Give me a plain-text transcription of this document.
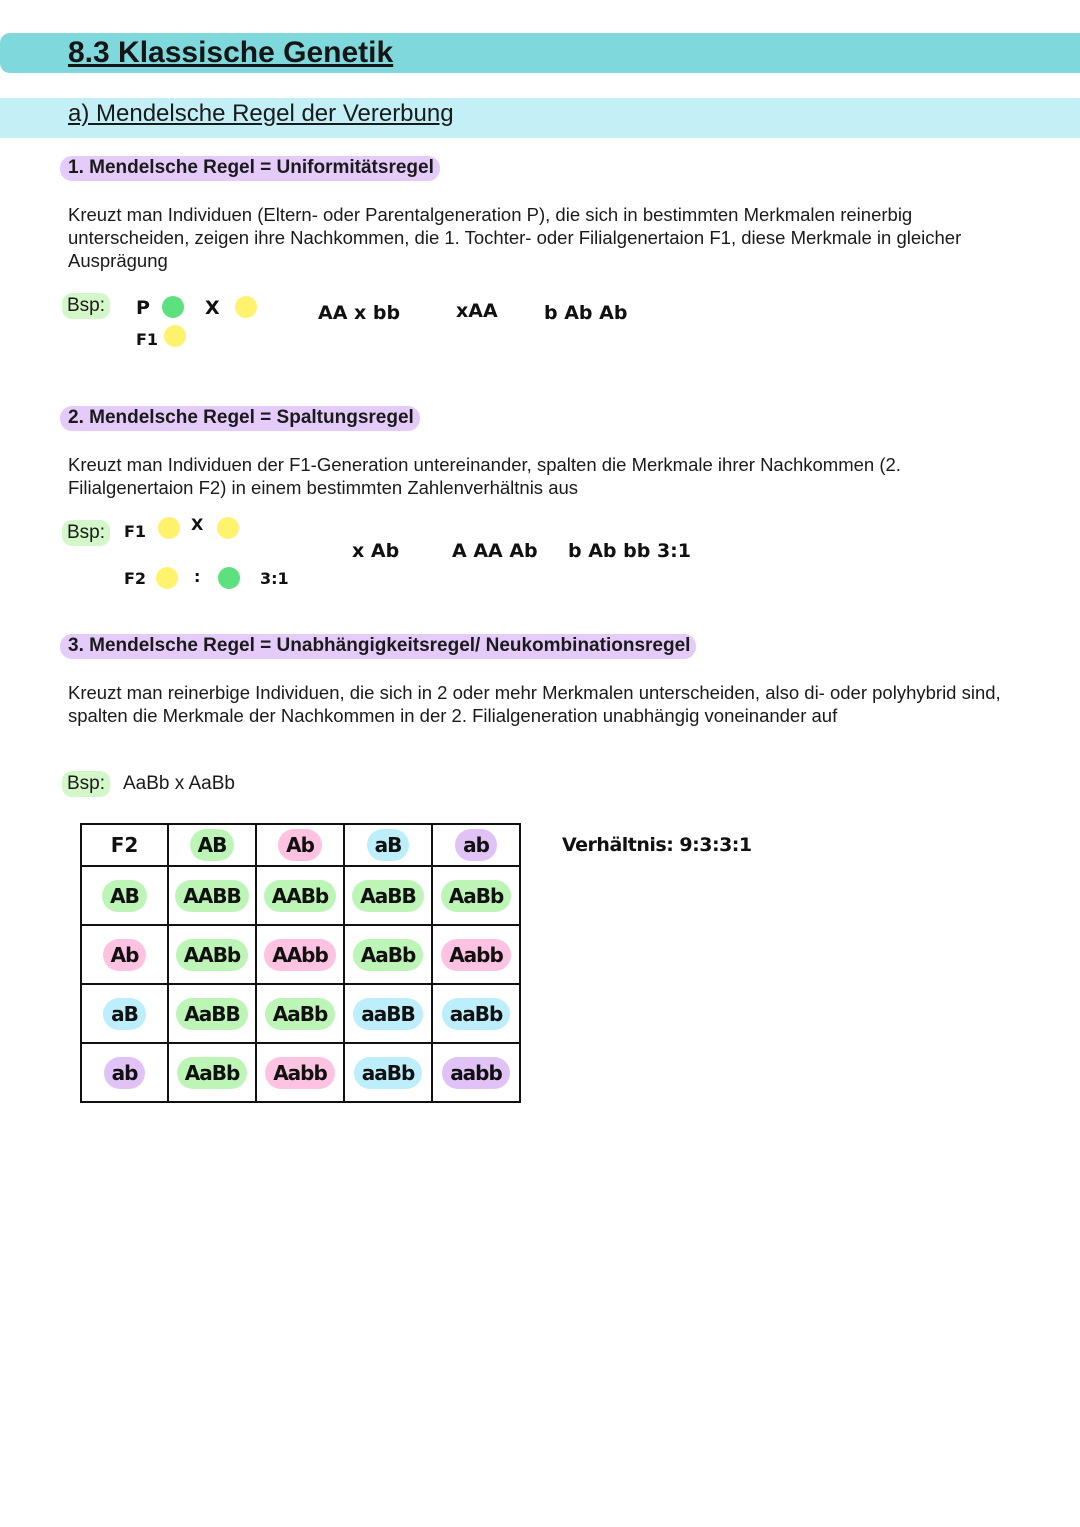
8.3 Klassische Genetik
a) Mendelsche Regel der Vererbung
1. Mendelsche Regel = Uniformitätsregel
Kreuzt man Individuen (Eltern- oder Parentalgeneration P), die sich in bestimmten Merkmalen reinerbig unterscheiden, zeigen ihre Nachkommen, die 1. Tochter- oder Filialgenertaion F1, diese Merkmale in gleicher Ausprägung
Bsp: P	X
F1
AA x bb	xAA b Ab Ab
2. Mendelsche Regel = Spaltungsregel
Kreuzt man Individuen der F1-Generation untereinander, spalten die Merkmale ihrer Nachkommen (2. Filialgenertaion F2) in einem bestimmten Zahlenverhältnis aus
Bsp:	F1	X
F2	:	3:1
x Ab	A AA Ab b Ab bb 3:1
3. Mendelsche Regel = Unabhängigkeitsregel/ Neukombinationsregel
Kreuzt man reinerbige Individuen, die sich in 2 oder mehr Merkmalen unterscheiden, also di- oder polyhybrid sind, spalten die Merkmale der Nachkommen in der 2. Filialgeneration unabhängig voneinander auf
Bsp: AaBb x AaBb
Verhältnis: 9:3:3:1
F2	AB	Ab	aB	ab
AB	AABB	AABb	AaBB	AaBb
Ab	AABb	AAbb	AaBb	Aabb
aB	AaBB	AaBb	aaBB	aaBb
ab	AaBb	Aabb	aaBb	aabb
